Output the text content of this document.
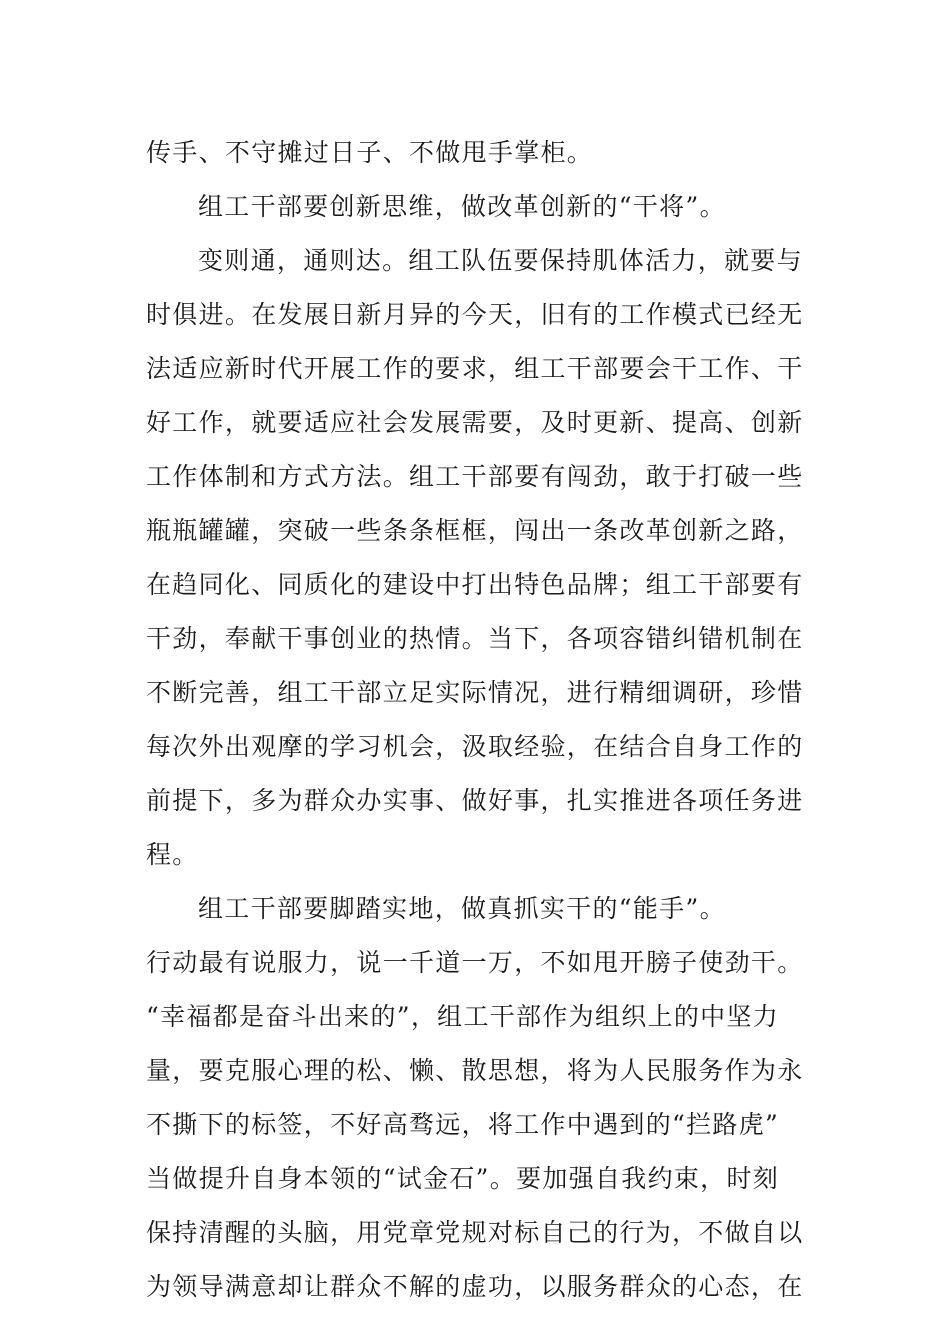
传手、不守摊过日子、不做甩手掌柜。
组工干部要创新思维，做改革创新的“干将”。
变则通，通则达。组工队伍要保持肌体活力，就要与
时俱进。在发展日新月异的今天，旧有的工作模式已经无
法适应新时代开展工作的要求，组工干部要会干工作、干
好工作，就要适应社会发展需要，及时更新、提高、创新
工作体制和方式方法。组工干部要有闯劲，敢于打破一些
瓶瓶罐罐，突破一些条条框框，闯出一条改革创新之路，
在趋同化、同质化的建设中打出特色品牌；组工干部要有
干劲，奉献干事创业的热情。当下，各项容错纠错机制在
不断完善，组工干部立足实际情况，进行精细调研，珍惜
每次外出观摩的学习机会，汲取经验，在结合自身工作的
前提下，多为群众办实事、做好事，扎实推进各项任务进
程。
组工干部要脚踏实地，做真抓实干的“能手”。
行动最有说服力，说一千道一万，不如甩开膀子使劲干。
“幸福都是奋斗出来的”，组工干部作为组织上的中坚力
量，要克服心理的松、懒、散思想，将为人民服务作为永
不撕下的标签，不好高骛远，将工作中遇到的“拦路虎”
当做提升自身本领的“试金石”。要加强自我约束，时刻
保持清醒的头脑，用党章党规对标自己的行为，不做自以
为领导满意却让群众不解的虚功，以服务群众的心态，在
